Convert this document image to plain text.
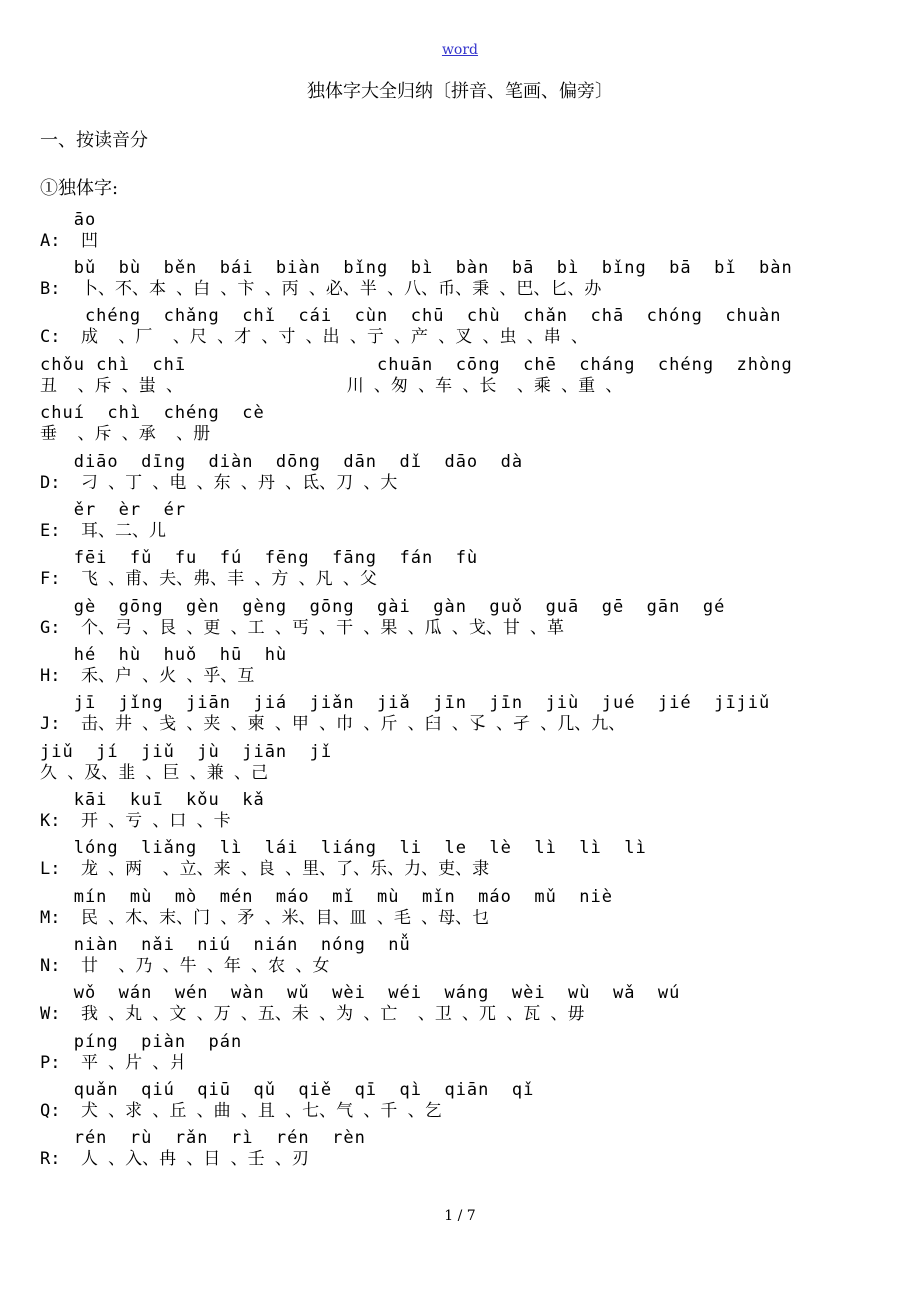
word
独体字大全归纳〔拼音、笔画、偏旁〕
一、按读音分
①独体字:
āo
A:  凹
bǔ  bù  běn  bái  biàn  bǐng  bì  bàn  bā  bì  bǐng  bā  bǐ  bàn
B:  卜、不、本 、白 、卞 、丙 、必、半 、八、币、秉 、巴、匕、办
chéng  chǎng  chǐ  cái  cùn  chū  chù  chǎn  chā  chóng  chuàn
C:  成  、厂  、尺 、才 、寸 、出 、亍 、产 、叉 、虫 、串 、
chǒu chì  chī                 chuān  cōng  chē  cháng  chéng  zhòng
丑  、斥 、蚩 、                川 、匆 、车 、长  、乘 、重 、
chuí  chì  chéng  cè
垂  、斥 、承  、册
diāo  dīng  diàn  dōng  dān  dǐ  dāo  dà
D:  刁 、丁 、电 、东 、丹 、氐、刀 、大
ěr  èr  ér
E:  耳、二、儿
fēi  fǔ  fu  fú  fēng  fāng  fán  fù
F:  飞 、甫、夫、弗、丰 、方 、凡 、父
gè  gōng  gèn  gèng  gōng  gài  gàn  guǒ  guā  gē  gān  gé
G:  个、弓 、艮 、更 、工 、丐 、干 、果 、瓜 、戈、甘 、革
hé  hù  huǒ  hū  hù
H:  禾、户 、火 、乎、互
jī  jǐng  jiān  jiá  jiǎn  jiǎ  jīn  jīn  jiù  jué  jié  jījiǔ
J:  击、井 、戋 、夹 、柬 、甲 、巾 、斤 、臼 、孓 、孑 、几、九、
jiǔ  jí  jiǔ  jù  jiān  jǐ
久 、及、韭 、巨 、兼 、己
kāi  kuī  kǒu  kǎ
K:  开 、亏 、口 、卡
lóng  liǎng  lì  lái  liáng  li  le  lè  lì  lì  lì
L:  龙 、两  、立、来 、良 、里、了、乐、力、吏、隶
mín  mù  mò  mén  máo  mǐ  mù  mǐn  máo  mǔ  niè
M:  民 、木、末、门 、矛 、米、目、皿 、毛 、母、乜
niàn  nǎi  niú  nián  nóng  nǚ
N:  廿  、乃 、牛 、年 、农 、女
wǒ  wán  wén  wàn  wǔ  wèi  wéi  wáng  wèi  wù  wǎ  wú
W:  我 、丸 、文 、万 、五、未 、为 、亡  、卫 、兀 、瓦 、毋
píng  piàn  pán
P:  平 、片 、爿
quǎn  qiú  qiū  qǔ  qiě  qī  qì  qiān  qǐ
Q:  犬 、求 、丘 、曲 、且 、七、气 、千 、乞
rén  rù  rǎn  rì  rén  rèn
R:  人 、入、冉 、日 、壬 、刃
1 / 7
